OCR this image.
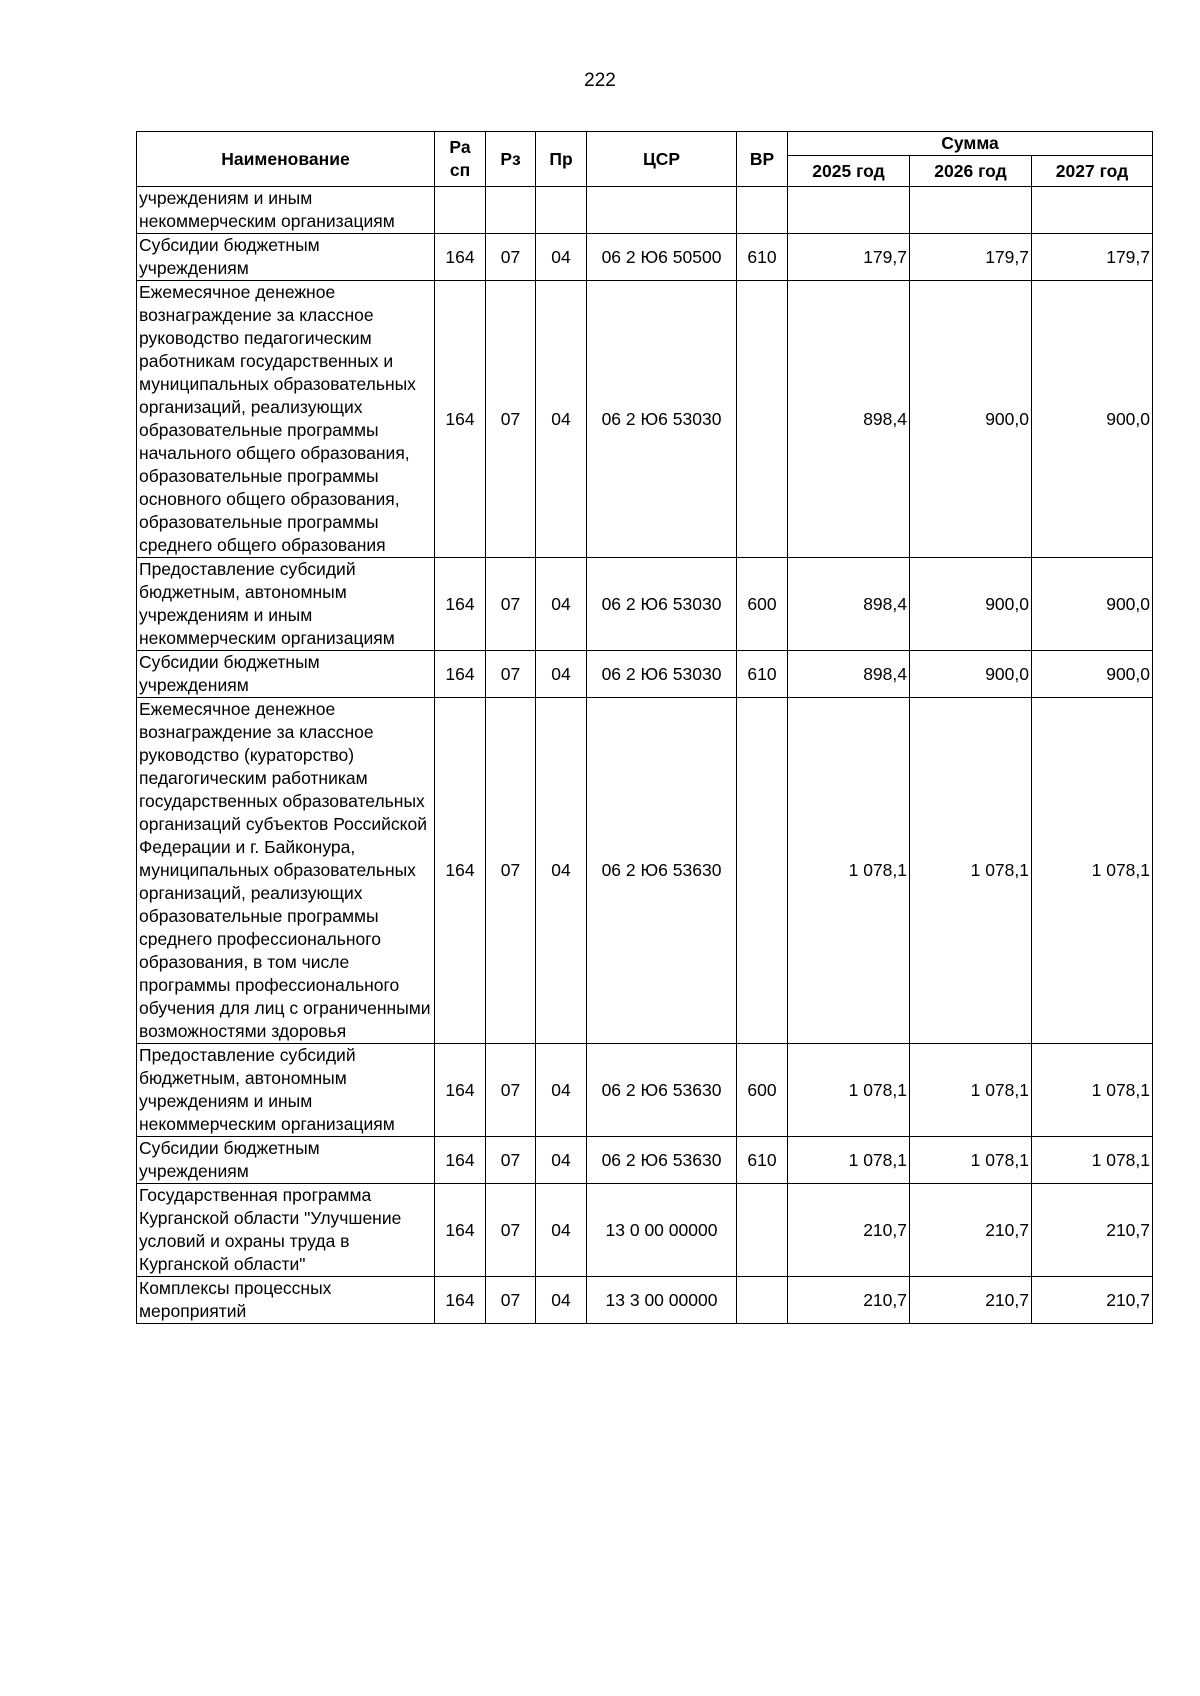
222
Наименование	Ра сп	Рз	Пр	ЦСР	ВР	Сумма		
						2025 год	2026 год	2027 год
учреждениям и иным некоммерческим организациям								
Субсидии бюджетным учреждениям	164	07	04	06 2 Ю6 50500	610	179,7	179,7	179,7
Ежемесячное денежное вознаграждение за классное руководство педагогическим работникам государственных и муниципальных образовательных организаций, реализующих образовательные программы начального общего образования, образовательные программы основного общего образования, образовательные программы среднего общего образования	164	07	04	06 2 Ю6 53030		898,4	900,0	900,0
Предоставление субсидий бюджетным, автономным учреждениям и иным некоммерческим организациям	164	07	04	06 2 Ю6 53030	600	898,4	900,0	900,0
Субсидии бюджетным учреждениям	164	07	04	06 2 Ю6 53030	610	898,4	900,0	900,0
Ежемесячное денежное вознаграждение за классное руководство (кураторство) педагогическим работникам государственных образовательных организаций субъектов Российской Федерации и г. Байконура, муниципальных образовательных организаций, реализующих образовательные программы среднего профессионального образования, в том числе программы профессионального обучения для лиц с ограниченными возможностями здоровья	164	07	04	06 2 Ю6 53630		1 078,1	1 078,1	1 078,1
Предоставление субсидий бюджетным, автономным учреждениям и иным некоммерческим организациям	164	07	04	06 2 Ю6 53630	600	1 078,1	1 078,1	1 078,1
Субсидии бюджетным учреждениям	164	07	04	06 2 Ю6 53630	610	1 078,1	1 078,1	1 078,1
Государственная программа Курганской области "Улучшение условий и охраны труда в Курганской области"	164	07	04	13 0 00 00000		210,7	210,7	210,7
Комплексы процессных мероприятий	164	07	04	13 3 00 00000		210,7	210,7	210,7
